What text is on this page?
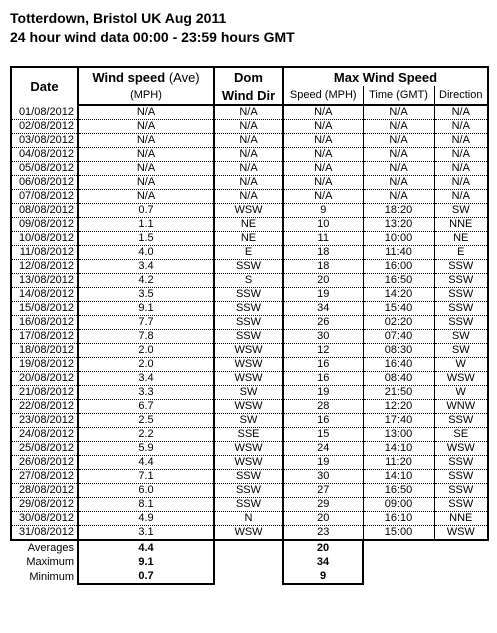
Totterdown, Bristol UK Aug 2011
24 hour wind data 00:00 - 23:59 hours GMT
Date	Wind speed (Ave)	Dom	Max Wind Speed		
	(MPH)	Wind Dir	Speed (MPH)	Time (GMT)	Direction
01/08/2012	N/A	N/A	N/A	N/A	N/A
02/08/2012	N/A	N/A	N/A	N/A	N/A
03/08/2012	N/A	N/A	N/A	N/A	N/A
04/08/2012	N/A	N/A	N/A	N/A	N/A
05/08/2012	N/A	N/A	N/A	N/A	N/A
06/08/2012	N/A	N/A	N/A	N/A	N/A
07/08/2012	N/A	N/A	N/A	N/A	N/A
08/08/2012	0.7	WSW	9	18:20	SW
09/08/2012	1.1	NE	10	13:20	NNE
10/08/2012	1.5	NE	11	10:00	NE
11/08/2012	4.0	E	18	11:40	E
12/08/2012	3.4	SSW	18	16:00	SSW
13/08/2012	4.2	S	20	16:50	SSW
14/08/2012	3.5	SSW	19	14:20	SSW
15/08/2012	9.1	SSW	34	15:40	SSW
16/08/2012	7.7	SSW	26	02:20	SSW
17/08/2012	7.8	SSW	30	07:40	SW
18/08/2012	2.0	WSW	12	08:30	SW
19/08/2012	2.0	WSW	16	16:40	W
20/08/2012	3.4	WSW	16	08:40	WSW
21/08/2012	3.3	SW	19	21:50	W
22/08/2012	6.7	WSW	28	12:20	WNW
23/08/2012	2.5	SW	16	17:40	SSW
24/08/2012	2.2	SSE	15	13:00	SE
25/08/2012	5.9	WSW	24	14:10	WSW
26/08/2012	4.4	WSW	19	11:20	SSW
27/08/2012	7.1	SSW	30	14:10	SSW
28/08/2012	6.0	SSW	27	16:50	SSW
29/08/2012	8.1	SSW	29	09:00	SSW
30/08/2012	4.9	N	20	16:10	NNE
31/08/2012	3.1	WSW	23	15:00	WSW
Averages	4.4		20		
Maximum	9.1		34		
Minimum	0.7		9		
